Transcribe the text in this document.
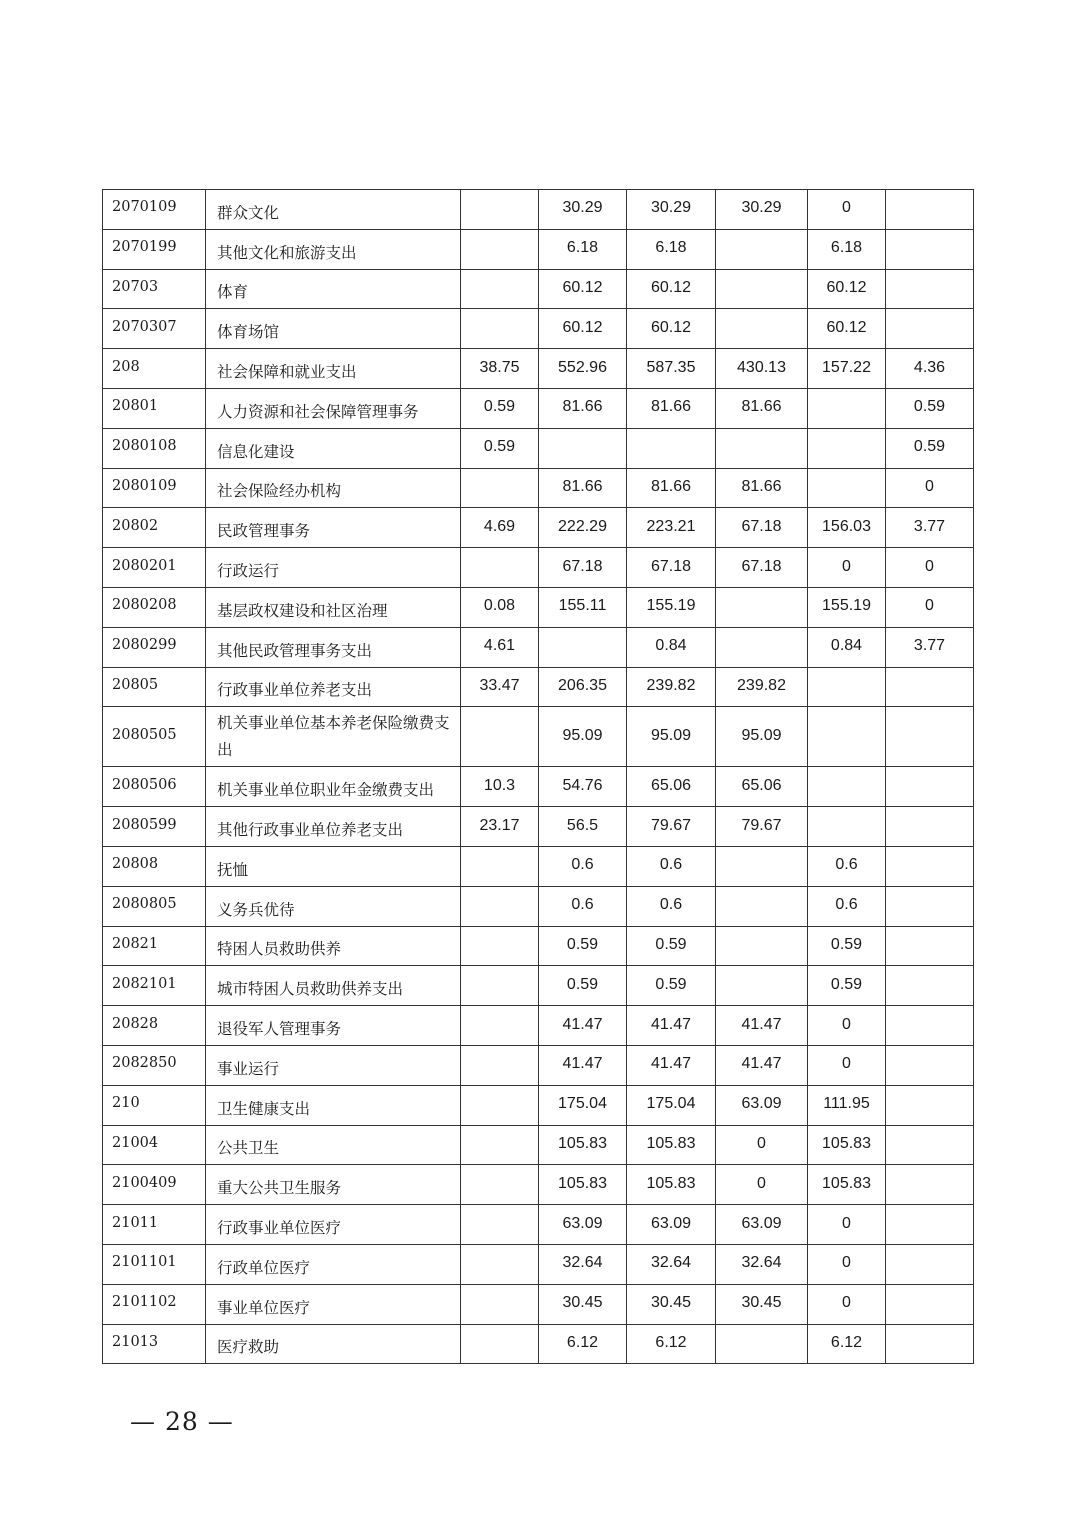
2070109	群众文化		30.29	30.29	30.29	0	
2070199	其他文化和旅游支出		6.18	6.18		6.18	
20703	体育		60.12	60.12		60.12	
2070307	体育场馆		60.12	60.12		60.12	
208	社会保障和就业支出	38.75	552.96	587.35	430.13	157.22	4.36
20801	人力资源和社会保障管理事务	0.59	81.66	81.66	81.66		0.59
2080108	信息化建设	0.59					0.59
2080109	社会保险经办机构		81.66	81.66	81.66		0
20802	民政管理事务	4.69	222.29	223.21	67.18	156.03	3.77
2080201	行政运行		67.18	67.18	67.18	0	0
2080208	基层政权建设和社区治理	0.08	155.11	155.19		155.19	0
2080299	其他民政管理事务支出	4.61		0.84		0.84	3.77
20805	行政事业单位养老支出	33.47	206.35	239.82	239.82		
2080505	机关事业单位基本养老保险缴费支出		95.09	95.09	95.09		
2080506	机关事业单位职业年金缴费支出	10.3	54.76	65.06	65.06		
2080599	其他行政事业单位养老支出	23.17	56.5	79.67	79.67		
20808	抚恤		0.6	0.6		0.6	
2080805	义务兵优待		0.6	0.6		0.6	
20821	特困人员救助供养		0.59	0.59		0.59	
2082101	城市特困人员救助供养支出		0.59	0.59		0.59	
20828	退役军人管理事务		41.47	41.47	41.47	0	
2082850	事业运行		41.47	41.47	41.47	0	
210	卫生健康支出		175.04	175.04	63.09	111.95	
21004	公共卫生		105.83	105.83	0	105.83	
2100409	重大公共卫生服务		105.83	105.83	0	105.83	
21011	行政事业单位医疗		63.09	63.09	63.09	0	
2101101	行政单位医疗		32.64	32.64	32.64	0	
2101102	事业单位医疗		30.45	30.45	30.45	0	
21013	医疗救助		6.12	6.12		6.12	
— 28 —
